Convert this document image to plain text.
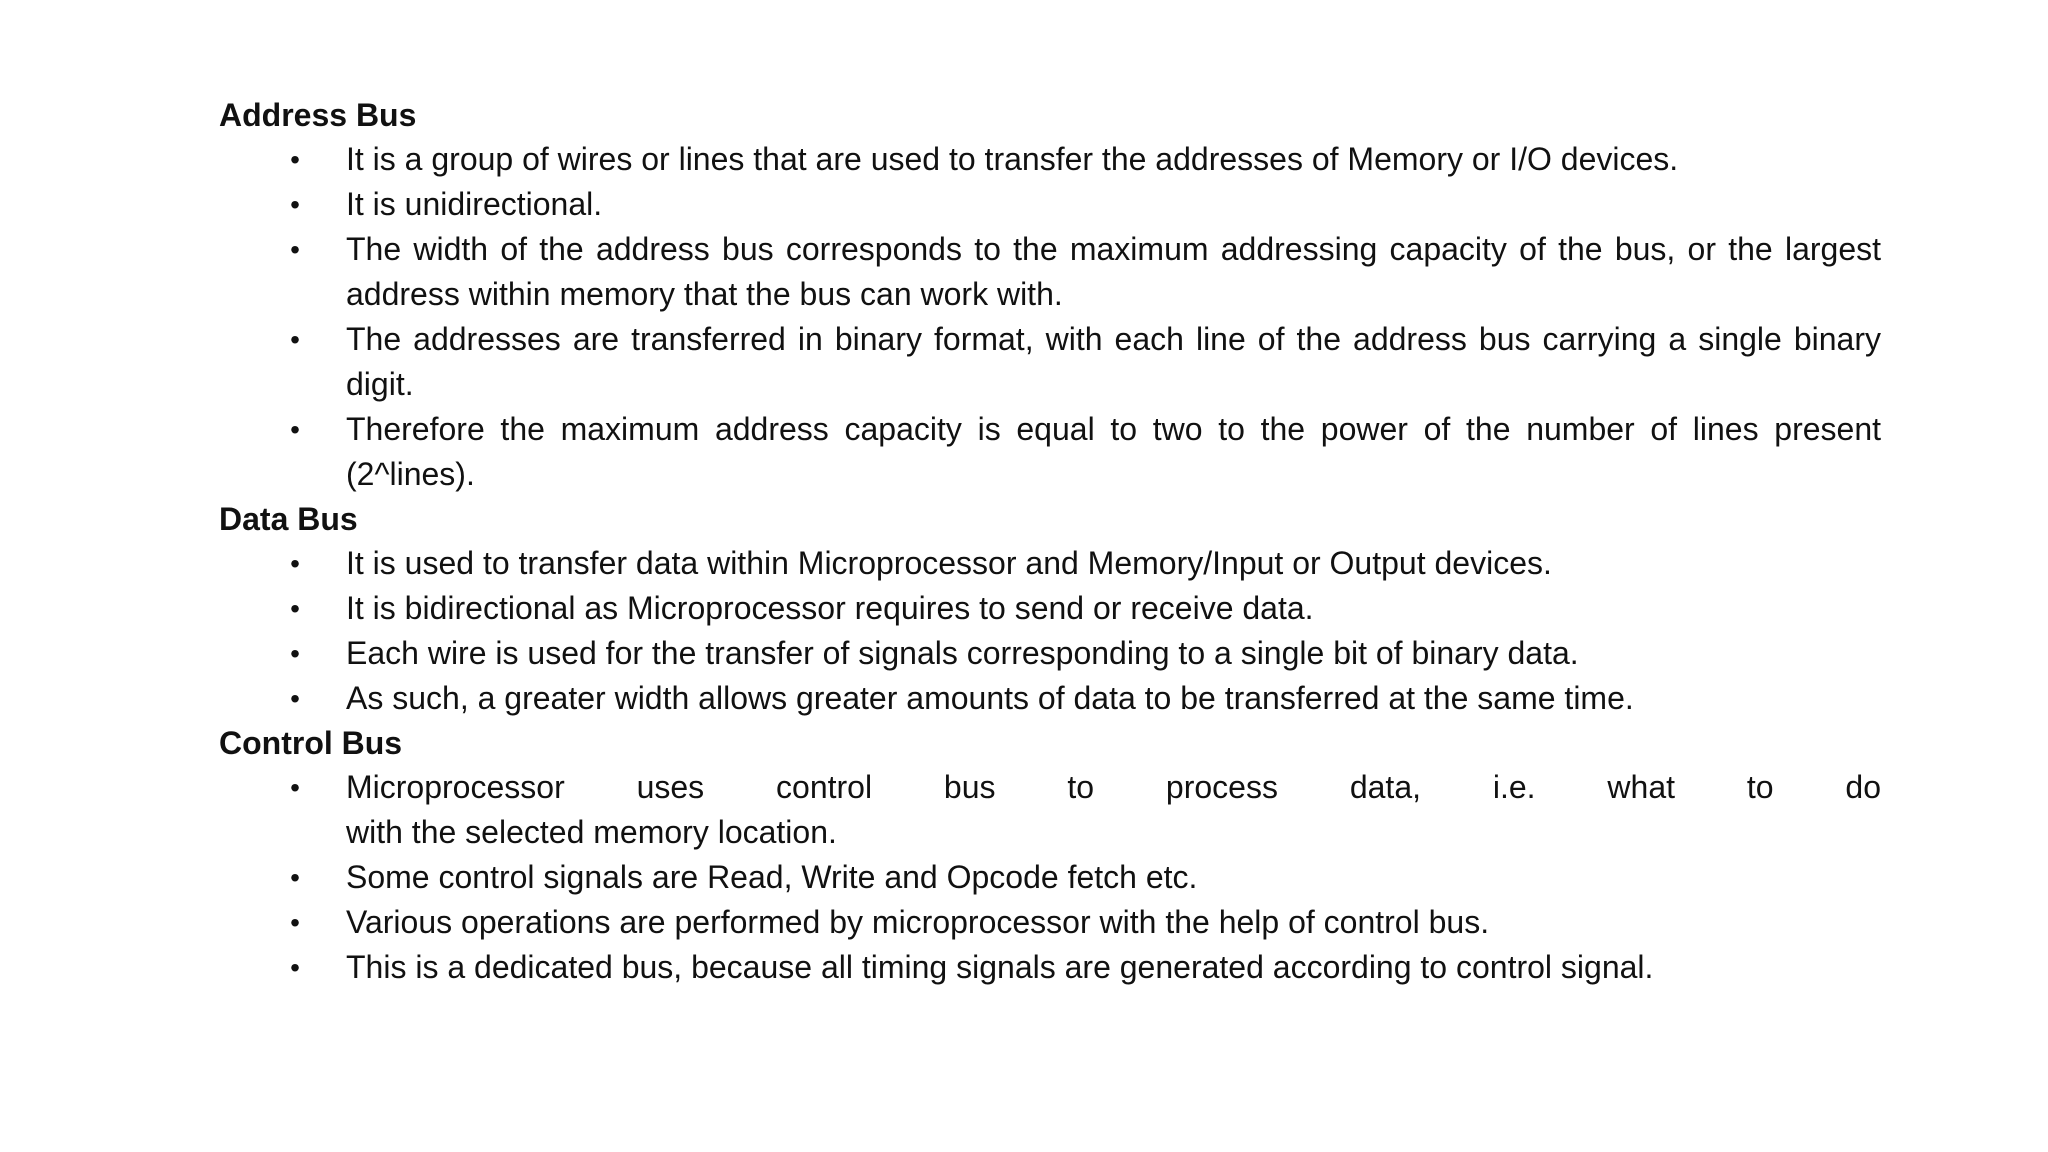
Address Bus
• It is a group of wires or lines that are used to transfer the addresses of Memory or I/O devices.
• It is unidirectional.
• The width of the address bus corresponds to the maximum addressing capacity of the bus, or the largest address within memory that the bus can work with.
• The addresses are transferred in binary format, with each line of the address bus carrying a single binary digit.
• Therefore the maximum address capacity is equal to two to the power of the number of lines present (2^lines).
Data Bus
• It is used to transfer data within Microprocessor and Memory/Input or Output devices.
• It is bidirectional as Microprocessor requires to send or receive data.
• Each wire is used for the transfer of signals corresponding to a single bit of binary data.
• As such, a greater width allows greater amounts of data to be transferred at the same time.
Control Bus
• Microprocessor uses control bus to process data, i.e. what to do
with the selected memory location.
• Some control signals are Read, Write and Opcode fetch etc.
• Various operations are performed by microprocessor with the help of control bus.
• This is a dedicated bus, because all timing signals are generated according to control signal.
